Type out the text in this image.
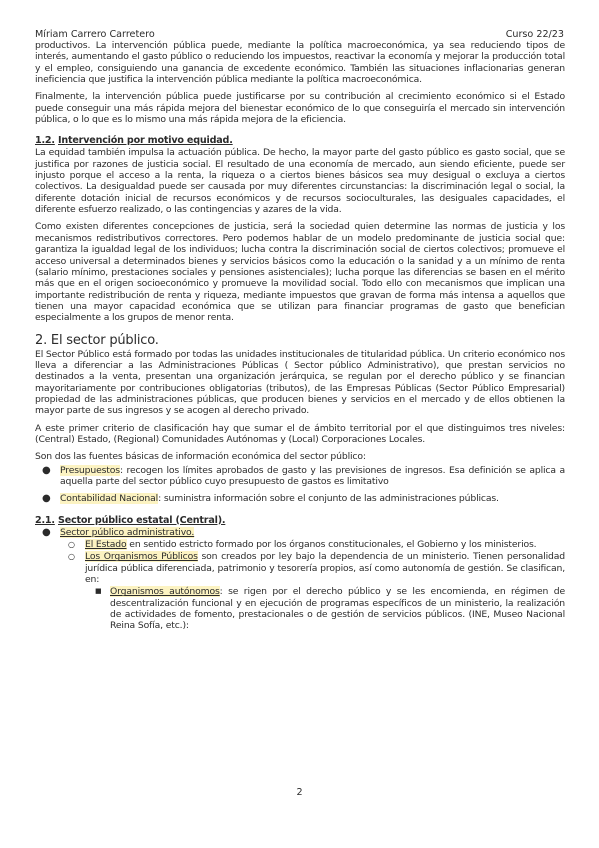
Míriam Carrero Carretero	Curso 22/23

productivos. La intervención pública puede, mediante la política macroeconómica, ya sea reduciendo tipos de interés, aumentando el gasto público o reduciendo los impuestos, reactivar la economía y mejorar la producción total y el empleo, consiguiendo una ganancia de excedente económico. También las situaciones inflacionarias generan ineficiencia que justifica la intervención pública mediante la política macroeconómica.

Finalmente, la intervención pública puede justificarse por su contribución al crecimiento económico si el Estado puede conseguir una más rápida mejora del bienestar económico de lo que conseguiría el mercado sin intervención pública, o lo que es lo mismo una más rápida mejora de la eficiencia.

1.2. Intervención por motivo equidad.

La equidad también impulsa la actuación pública. De hecho, la mayor parte del gasto público es gasto social, que se justifica por razones de justicia social. El resultado de una economía de mercado, aun siendo eficiente, puede ser injusto porque el acceso a la renta, la riqueza o a ciertos bienes básicos sea muy desigual o excluya a ciertos colectivos. La desigualdad puede ser causada por muy diferentes circunstancias: la discriminación legal o social, la diferente dotación inicial de recursos económicos y de recursos socioculturales, las desiguales capacidades, el diferente esfuerzo realizado, o las contingencias y azares de la vida.

Como existen diferentes concepciones de justicia, será la sociedad quien determine las normas de justicia y los mecanismos redistributivos correctores. Pero podemos hablar de un modelo predominante de justicia social que: garantiza la igualdad legal de los individuos; lucha contra la discriminación social de ciertos colectivos; promueve el acceso universal a determinados bienes y servicios básicos como la educación o la sanidad y a un mínimo de renta (salario mínimo, prestaciones sociales y pensiones asistenciales); lucha porque las diferencias se basen en el mérito más que en el origen socioeconómico y promueve la movilidad social. Todo ello con mecanismos que implican una importante redistribución de renta y riqueza, mediante impuestos que gravan de forma más intensa a aquellos que tienen una mayor capacidad económica que se utilizan para financiar programas de gasto que benefician especialmente a los grupos de menor renta.

2. El sector público.

El Sector Público está formado por todas las unidades institucionales de titularidad pública. Un criterio económico nos lleva a diferenciar a las Administraciones Públicas ( Sector público Administrativo), que prestan servicios no destinados a la venta, presentan una organización jerárquica, se regulan por el derecho público y se financian mayoritariamente por contribuciones obligatorias (tributos), de las Empresas Públicas (Sector Público Empresarial) propiedad de las administraciones públicas, que producen bienes y servicios en el mercado y de ellos obtienen la mayor parte de sus ingresos y se acogen al derecho privado.

A este primer criterio de clasificación hay que sumar el de ámbito territorial por el que distinguimos tres niveles: (Central) Estado, (Regional) Comunidades Autónomas y (Local) Corporaciones Locales.

Son dos las fuentes básicas de información económica del sector público:

● Presupuestos: recogen los límites aprobados de gasto y las previsiones de ingresos. Esa definición se aplica a aquella parte del sector público cuyo presupuesto de gastos es limitativo
● Contabilidad Nacional: suministra información sobre el conjunto de las administraciones públicas.
2.1. Sector público estatal (Central).
● Sector público administrativo.
○ El Estado en sentido estricto formado por los órganos constitucionales, el Gobierno y los ministerios.
○ Los Organismos Públicos son creados por ley bajo la dependencia de un ministerio. Tienen personalidad jurídica pública diferenciada, patrimonio y tesorería propios, así como autonomía de gestión. Se clasifican, en:
■ Organismos autónomos: se rigen por el derecho público y se les encomienda, en régimen de descentralización funcional y en ejecución de programas específicos de un ministerio, la realización de actividades de fomento, prestacionales o de gestión de servicios públicos. (INE, Museo Nacional Reina Sofía, etc.):
2
